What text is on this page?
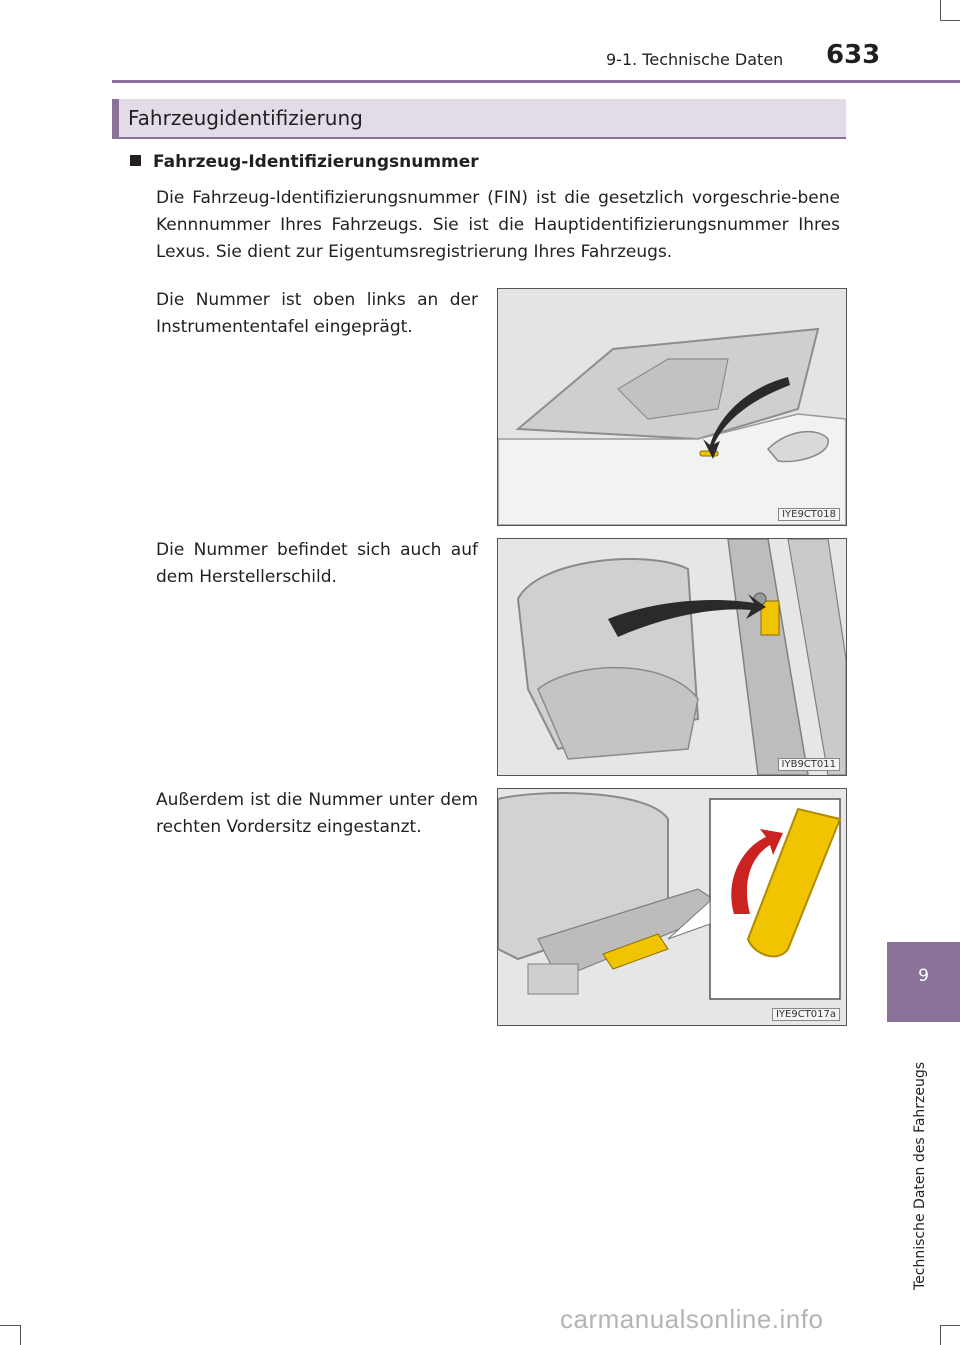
9-1. Technische Daten 633
Fahrzeugidentifizierung
Fahrzeug-Identifizierungsnummer
Die Fahrzeug-Identifizierungsnummer (FIN) ist die gesetzlich vorgeschrie-bene Kennnummer Ihres Fahrzeugs. Sie ist die Hauptidentifizierungsnummer Ihres Lexus. Sie dient zur Eigentumsregistrierung Ihres Fahrzeugs.
Die Nummer ist oben links an der Instrumententafel eingeprägt.
IYE9CT018
Die Nummer befindet sich auch auf dem Herstellerschild.
IYB9CT011
Außerdem ist die Nummer unter dem rechten Vordersitz eingestanzt.
IYE9CT017a
9
Technische Daten des Fahrzeugs
carmanualsonline.info
